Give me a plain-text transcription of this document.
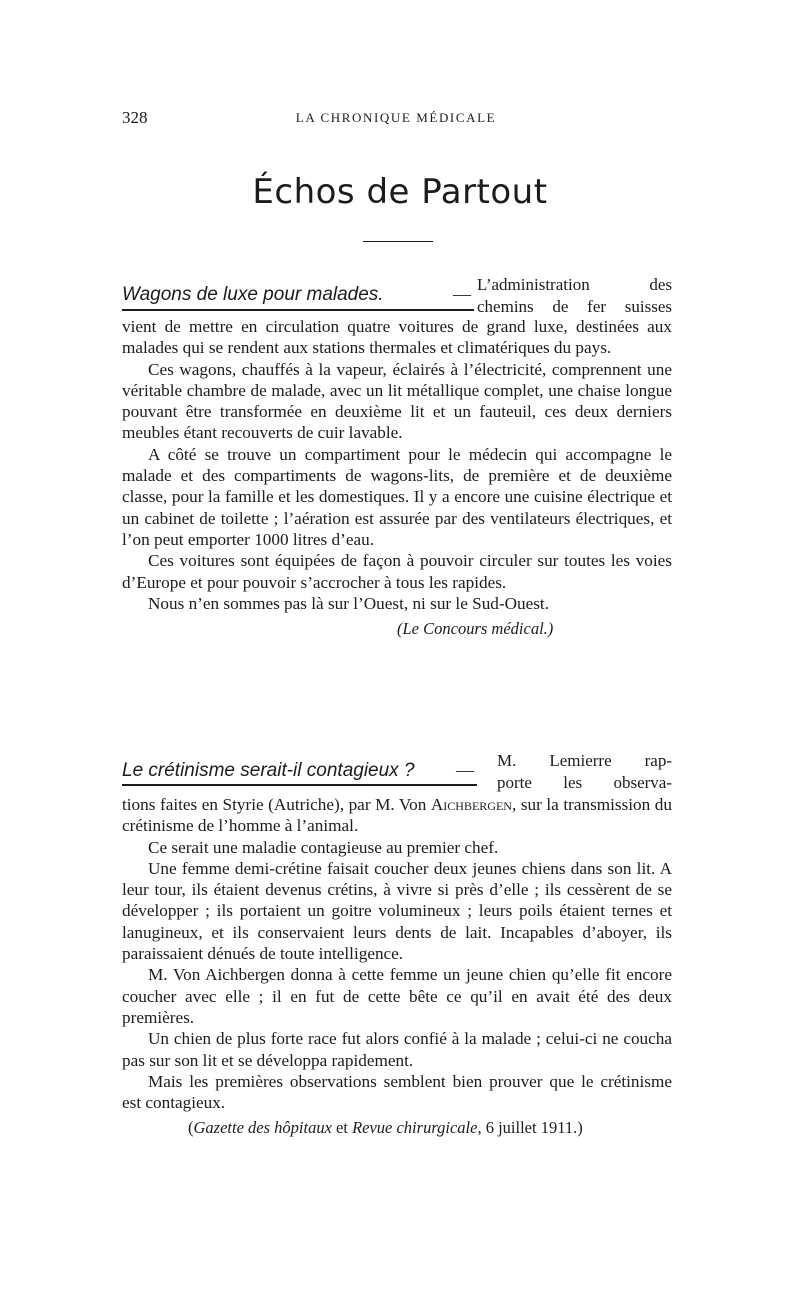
328	LA CHRONIQUE MÉDICALE
Échos de Partout
Wagons de luxe pour malades.	— L’administration des
chemins de fer suisses

vient de mettre en circulation quatre voitures de grand luxe, destinées aux malades qui se rendent aux stations thermales et climatériques du pays.

Ces wagons, chauffés à la vapeur, éclairés à l’électricité, comprennent une véritable chambre de malade, avec un lit métallique complet, une chaise longue pouvant être transformée en deuxième lit et un fauteuil, ces deux derniers meubles étant recouverts de cuir lavable.

A côté se trouve un compartiment pour le médecin qui accompagne le malade et des compartiments de wagons-lits, de première et de deuxième classe, pour la famille et les domestiques. Il y a encore une cuisine électrique et un cabinet de toilette ; l’aération est assurée par des ventilateurs électriques, et l’on peut emporter 1000 litres d’eau.

Ces voitures sont équipées de façon à pouvoir circuler sur toutes les voies d’Europe et pour pouvoir s’accrocher à tous les rapides.

Nous n’en sommes pas là sur l’Ouest, ni sur le Sud-Ouest.

(Le Concours médical.)
Le crétinisme serait-il contagieux ? — M. Lemierre rap-
porte les observa-

tions faites en Styrie (Autriche), par M. Von Aichbergen, sur la transmission du crétinisme de l’homme à l’animal.

Ce serait une maladie contagieuse au premier chef.

Une femme demi-crétine faisait coucher deux jeunes chiens dans son lit. A leur tour, ils étaient devenus crétins, à vivre si près d’elle ; ils cessèrent de se développer ; ils portaient un goitre volumineux ; leurs poils étaient ternes et lanugineux, et ils conservaient leurs dents de lait. Incapables d’aboyer, ils paraissaient dénués de toute intelligence.

M. Von Aichbergen donna à cette femme un jeune chien qu’elle fit encore coucher avec elle ; il en fut de cette bête ce qu’il en avait été des deux premières.

Un chien de plus forte race fut alors confié à la malade ; celui-ci ne coucha pas sur son lit et se développa rapidement.

Mais les premières observations semblent bien prouver que le crétinisme est contagieux.

(Gazette des hôpitaux et Revue chirurgicale, 6 juillet 1911.)
